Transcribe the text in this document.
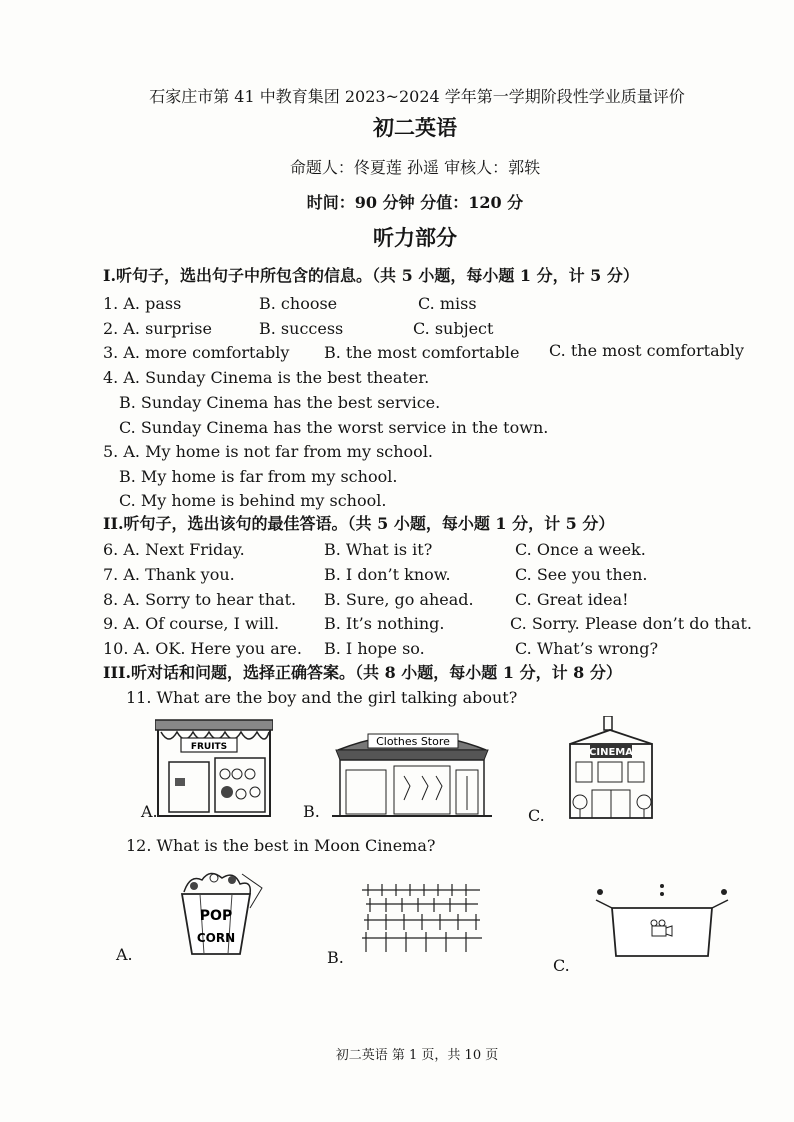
石家庄市第 41 中教育集团 2023~2024 学年第一学期阶段性学业质量评价
初二英语
命题人：佟夏莲 孙遥 审核人：郭轶
时间：90 分钟 分值：120 分
听力部分
I.听句子，选出句子中所包含的信息。（共 5 小题，每小题 1 分，计 5 分）
1. A. pass	B. choose	C. miss
2. A. surprise	B. success	C. subject
3. A. more comfortably B. the most comfortable C. the most comfortably
4. A. Sunday Cinema is the best theater.
B. Sunday Cinema has the best service.
C. Sunday Cinema has the worst service in the town.
5. A. My home is not far from my school.
B. My home is far from my school.
C. My home is behind my school.
II.听句子，选出该句的最佳答语。（共 5 小题，每小题 1 分，计 5 分）
6. A. Next Friday.	B. What is it?	C. Once a week.
7. A. Thank you.	B. I don’t know.	C. See you then.
8. A. Sorry to hear that. B. Sure, go ahead.	C. Great idea!
9. A. Of course, I will.	B. It’s nothing.	C. Sorry. Please don’t do that.
10. A. OK. Here you are. B. I hope so.	C. What’s wrong?
III.听对话和问题，选择正确答案。（共 8 小题，每小题 1 分，计 8 分）
11. What are the boy and the girl talking about?
FRUITS
A.
Clothes Store
B.
CINEMA
C.
12. What is the best in Moon Cinema?
POP
CORN
A.	B.	C.
初二英语 第 1 页，共 10 页
